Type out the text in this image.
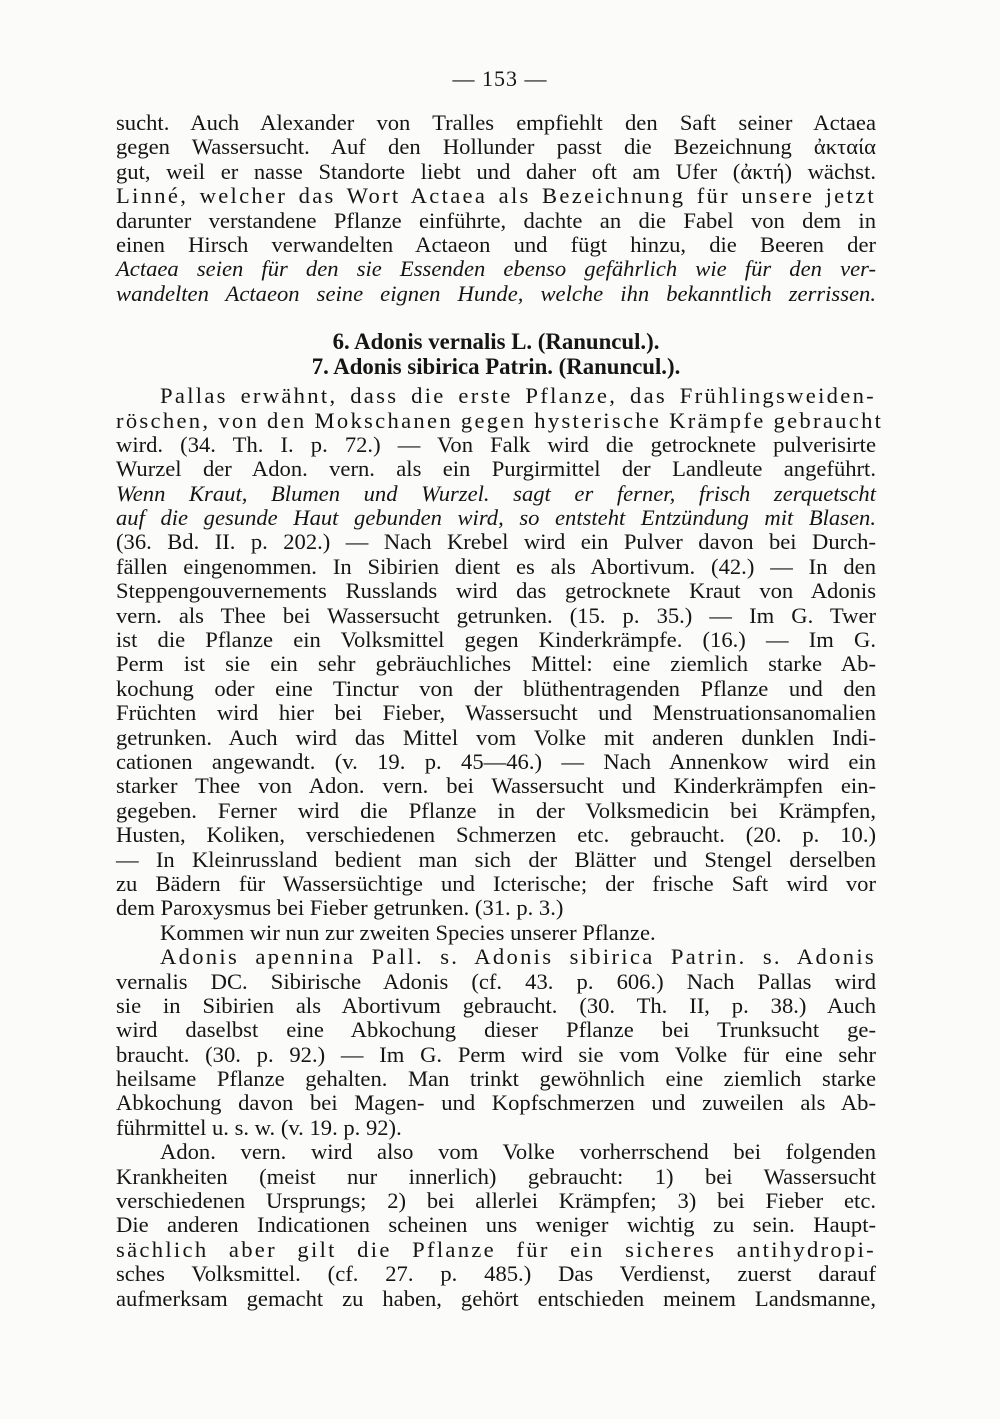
— 153 —
sucht. Auch Alexander von Tralles empfiehlt den Saft seiner Actaea
gegen Wassersucht. Auf den Hollunder passt die Bezeichnung ἀκταία
gut, weil er nasse Standorte liebt und daher oft am Ufer (ἀκτή) wächst.
Linné, welcher das Wort Actaea als Bezeichnung für unsere jetzt
darunter verstandene Pflanze einführte, dachte an die Fabel von dem in
einen Hirsch verwandelten Actaeon und fügt hinzu, die Beeren der
Actaea seien für den sie Essenden ebenso gefährlich wie für den ver-
wandelten Actaeon seine eignen Hunde, welche ihn bekanntlich zerrissen.
6. Adonis vernalis L. (Ranuncul.).
7. Adonis sibirica Patrin. (Ranuncul.).
Pallas erwähnt, dass die erste Pflanze, das Frühlingsweiden-
röschen, von den Mokschanen gegen hysterische Krämpfe gebraucht
wird. (34. Th. I. p. 72.) — Von Falk wird die getrocknete pulverisirte
Wurzel der Adon. vern. als ein Purgirmittel der Landleute angeführt.
Wenn Kraut, Blumen und Wurzel. sagt er ferner, frisch zerquetscht
auf die gesunde Haut gebunden wird, so entsteht Entzündung mit Blasen.
(36. Bd. II. p. 202.) — Nach Krebel wird ein Pulver davon bei Durch-
fällen eingenommen. In Sibirien dient es als Abortivum. (42.) — In den
Steppengouvernements Russlands wird das getrocknete Kraut von Adonis
vern. als Thee bei Wassersucht getrunken. (15. p. 35.) — Im G. Twer
ist die Pflanze ein Volksmittel gegen Kinderkrämpfe. (16.) — Im G.
Perm ist sie ein sehr gebräuchliches Mittel: eine ziemlich starke Ab-
kochung oder eine Tinctur von der blüthentragenden Pflanze und den
Früchten wird hier bei Fieber, Wassersucht und Menstruationsanomalien
getrunken. Auch wird das Mittel vom Volke mit anderen dunklen Indi-
cationen angewandt. (v. 19. p. 45—46.) — Nach Annenkow wird ein
starker Thee von Adon. vern. bei Wassersucht und Kinderkrämpfen ein-
gegeben. Ferner wird die Pflanze in der Volksmedicin bei Krämpfen,
Husten, Koliken, verschiedenen Schmerzen etc. gebraucht. (20. p. 10.)
— In Kleinrussland bedient man sich der Blätter und Stengel derselben
zu Bädern für Wassersüchtige und Icterische; der frische Saft wird vor
dem Paroxysmus bei Fieber getrunken. (31. p. 3.)
Kommen wir nun zur zweiten Species unserer Pflanze.
Adonis apennina Pall. s. Adonis sibirica Patrin. s. Adonis
vernalis DC. Sibirische Adonis (cf. 43. p. 606.) Nach Pallas wird
sie in Sibirien als Abortivum gebraucht. (30. Th. II, p. 38.) Auch
wird daselbst eine Abkochung dieser Pflanze bei Trunksucht ge-
braucht. (30. p. 92.) — Im G. Perm wird sie vom Volke für eine sehr
heilsame Pflanze gehalten. Man trinkt gewöhnlich eine ziemlich starke
Abkochung davon bei Magen- und Kopfschmerzen und zuweilen als Ab-
führmittel u. s. w. (v. 19. p. 92).
Adon. vern. wird also vom Volke vorherrschend bei folgenden
Krankheiten (meist nur innerlich) gebraucht: 1) bei Wassersucht
verschiedenen Ursprungs; 2) bei allerlei Krämpfen; 3) bei Fieber etc.
Die anderen Indicationen scheinen uns weniger wichtig zu sein. Haupt-
sächlich aber gilt die Pflanze für ein sicheres antihydropi-
sches Volksmittel. (cf. 27. p. 485.) Das Verdienst, zuerst darauf
aufmerksam gemacht zu haben, gehört entschieden meinem Landsmanne,
